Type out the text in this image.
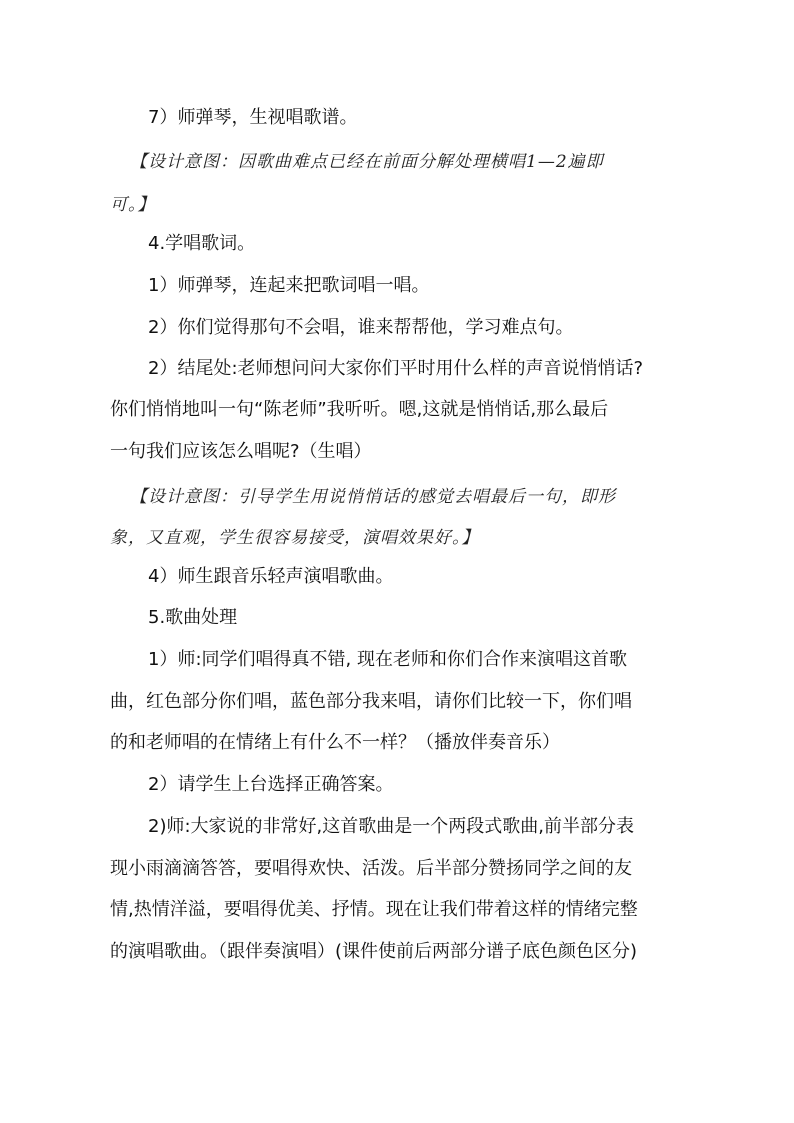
7）师弹琴，生视唱歌谱。
【设计意图：因歌曲难点已经在前面分解处理横唱1—2遍即
可。】
4.学唱歌词。
1）师弹琴，连起来把歌词唱一唱。
2）你们觉得那句不会唱，谁来帮帮他，学习难点句。
2）结尾处:老师想问问大家你们平时用什么样的声音说悄悄话?
你们悄悄地叫一句“陈老师”我听听。嗯,这就是悄悄话,那么最后
一句我们应该怎么唱呢?（生唱）
【设计意图：引导学生用说悄悄话的感觉去唱最后一句，即形
象，又直观，学生很容易接受，演唱效果好。】
4）师生跟音乐轻声演唱歌曲。
5.歌曲处理
1）师:同学们唱得真不错, 现在老师和你们合作来演唱这首歌
曲，红色部分你们唱，蓝色部分我来唱，请你们比较一下，你们唱
的和老师唱的在情绪上有什么不一样？（播放伴奏音乐）
2）请学生上台选择正确答案。
2)师:大家说的非常好,这首歌曲是一个两段式歌曲,前半部分表
现小雨滴滴答答，要唱得欢快、活泼。后半部分赞扬同学之间的友
情,热情洋溢，要唱得优美、抒情。现在让我们带着这样的情绪完整
的演唱歌曲。（跟伴奏演唱）(课件使前后两部分谱子底色颜色区分)
